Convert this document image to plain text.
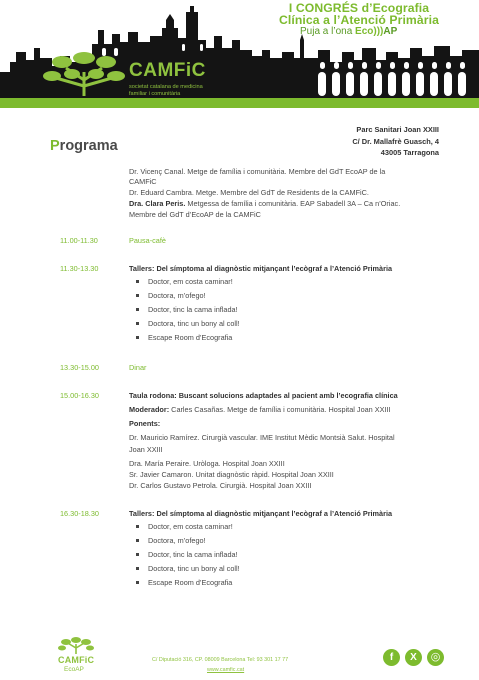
I CONGRÉS d’Ecografia
Clínica a l’Atenció Primària
Puja a l’ona Eco)))AP
CAMFiC
societat catalana de medicina
familiar i comunitària
Parc Sanitari Joan XXIII
C/ Dr. Mallafrè Guasch, 4
43005 Tarragona
Programa
Dr. Vicenç Canal. Metge de família i comunitària. Membre del GdT EcoAP de la
CAMFiC
Dr. Eduard Cambra. Metge. Membre del GdT de Residents de la CAMFiC.
Dra. Clara Peris. Metgessa de família i comunitària. EAP Sabadell 3A – Ca n’Oriac.
Membre del GdT d’EcoAP de la CAMFiC
11.00-11.30	Pausa-cafè
11.30-13.30	Tallers: Del símptoma al diagnòstic mitjançant l’ecògraf a l’Atenció Primària
Doctor, em costa caminar!
Doctora, m’ofego!
Doctor, tinc la cama inflada!
Doctora, tinc un bony al coll!
Escape Room d’Ecografia
13.30-15.00	Dinar
15.00-16.30	Taula rodona: Buscant solucions adaptades al pacient amb l’ecografia clínica
Moderador: Carles Casañas. Metge de família i comunitària. Hospital Joan XXIII
Ponents:
Dr. Mauricio Ramírez. Cirurgià vascular. IME Institut Mèdic Montsià Salut. Hospital
Joan XXIII
Dra. María Peraire. Uròloga. Hospital Joan XXIII
Sr. Javier Camaron. Unitat diagnòstic ràpid. Hospital Joan XXIII
Dr. Carlos Gustavo Petrola. Cirurgià. Hospital Joan XXIII
16.30-18.30	Tallers: Del símptoma al diagnòstic mitjançant l’ecògraf a l’Atenció Primària
Doctor, em costa caminar!
Doctora, m’ofego!
Doctor, tinc la cama inflada!
Doctora, tinc un bony al coll!
Escape Room d’Ecografia
CAMFiC
EcoAP
C/ Diputació 316, CP. 08009 Barcelona Tel: 93 301 17 77
www.camfic.cat
f	X	◎
